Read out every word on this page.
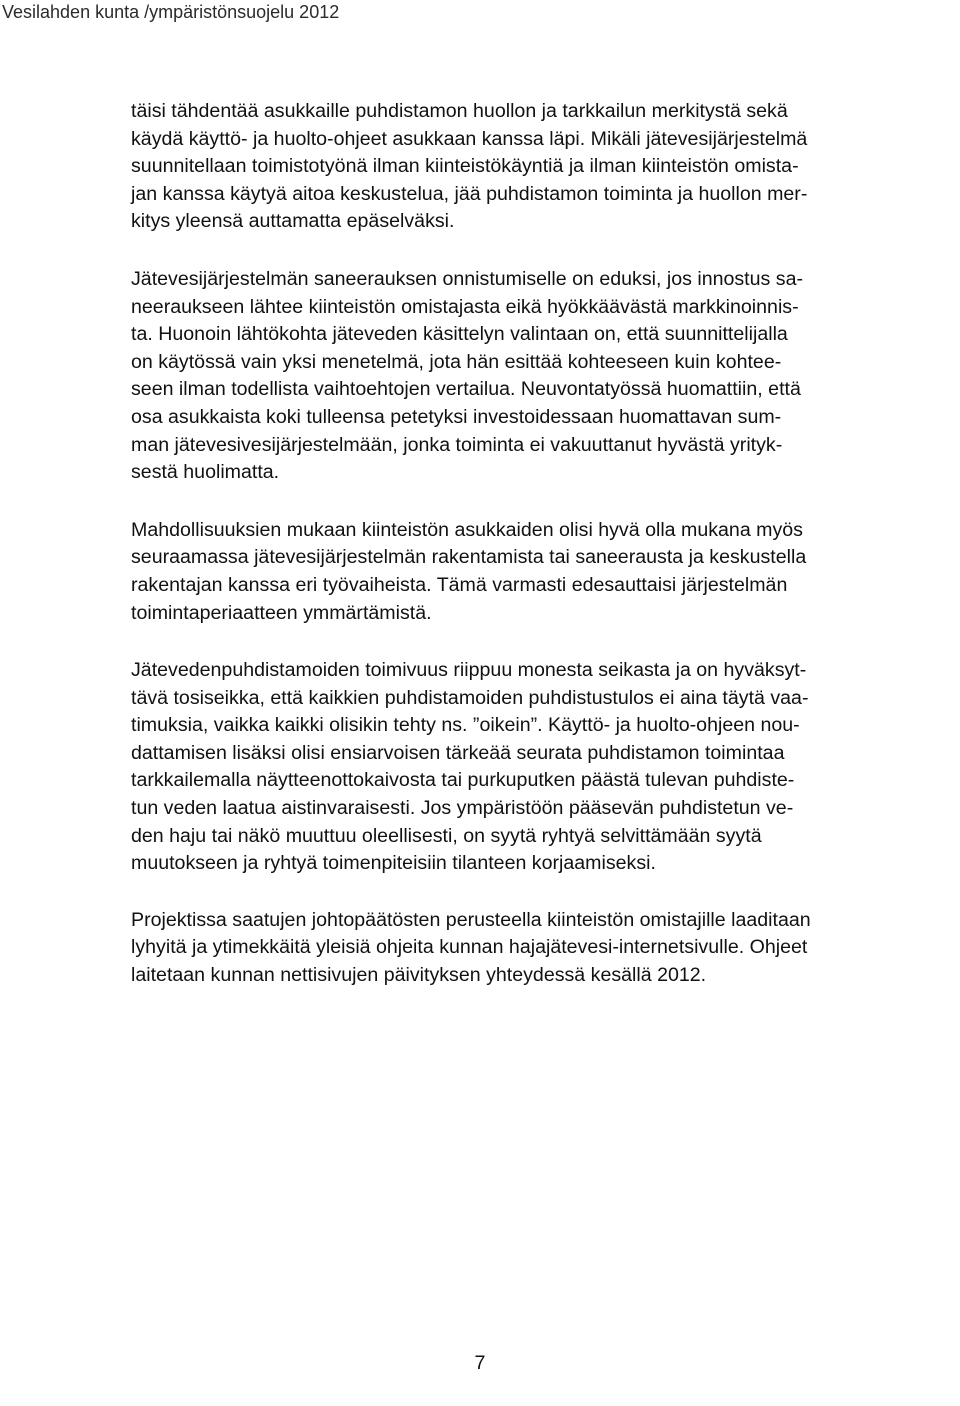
Vesilahden kunta /ympäristönsuojelu 2012

täisi tähdentää asukkaille puhdistamon huollon ja tarkkailun merkitystä sekä
käydä käyttö- ja huolto-ohjeet asukkaan kanssa läpi. Mikäli jätevesijärjestelmä
suunnitellaan toimistotyönä ilman kiinteistökäyntiä ja ilman kiinteistön omista-
jan kanssa käytyä aitoa keskustelua, jää puhdistamon toiminta ja huollon mer-
kitys yleensä auttamatta epäselväksi.

Jätevesijärjestelmän saneerauksen onnistumiselle on eduksi, jos innostus sa-
neeraukseen lähtee kiinteistön omistajasta eikä hyökkäävästä markkinoinnis-
ta. Huonoin lähtökohta jäteveden käsittelyn valintaan on, että suunnittelijalla
on käytössä vain yksi menetelmä, jota hän esittää kohteeseen kuin kohtee-
seen ilman todellista vaihtoehtojen vertailua. Neuvontatyössä huomattiin, että
osa asukkaista koki tulleensa petetyksi investoidessaan huomattavan sum-
man jätevesivesijärjestelmään, jonka toiminta ei vakuuttanut hyvästä yrityk-
sestä huolimatta.

Mahdollisuuksien mukaan kiinteistön asukkaiden olisi hyvä olla mukana myös
seuraamassa jätevesijärjestelmän rakentamista tai saneerausta ja keskustella
rakentajan kanssa eri työvaiheista. Tämä varmasti edesauttaisi järjestelmän
toimintaperiaatteen ymmärtämistä.

Jätevedenpuhdistamoiden toimivuus riippuu monesta seikasta ja on hyväksyt-
tävä tosiseikka, että kaikkien puhdistamoiden puhdistustulos ei aina täytä vaa-
timuksia, vaikka kaikki olisikin tehty ns. ”oikein”. Käyttö- ja huolto-ohjeen nou-
dattamisen lisäksi olisi ensiarvoisen tärkeää seurata puhdistamon toimintaa
tarkkailemalla näytteenottokaivosta tai purkuputken päästä tulevan puhdiste-
tun veden laatua aistinvaraisesti. Jos ympäristöön pääsevän puhdistetun ve-
den haju tai näkö muuttuu oleellisesti, on syytä ryhtyä selvittämään syytä
muutokseen ja ryhtyä toimenpiteisiin tilanteen korjaamiseksi.

Projektissa saatujen johtopäätösten perusteella kiinteistön omistajille laaditaan
lyhyitä ja ytimekkäitä yleisiä ohjeita kunnan hajajätevesi-internetsivulle. Ohjeet
laitetaan kunnan nettisivujen päivityksen yhteydessä kesällä 2012.

7
